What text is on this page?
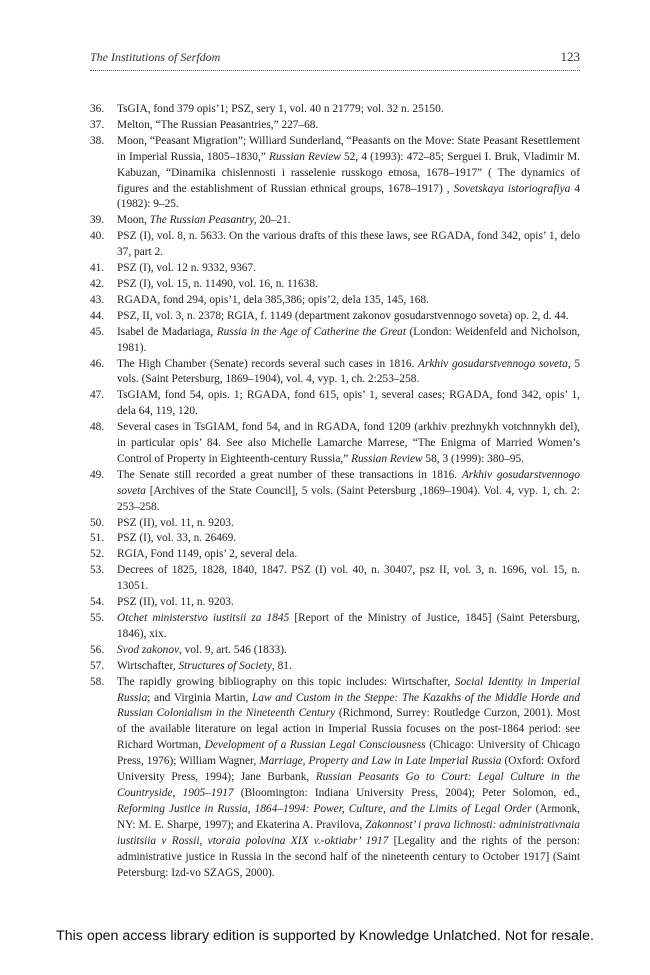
The Institutions of Serfdom	123
36.	TsGIA, fond 379 opis’1; PSZ, sery 1, vol. 40 n 21779; vol. 32 n. 25150.
37.	Melton, “The Russian Peasantries,” 227–68.
38.	Moon, “Peasant Migration”; Williard Sunderland, “Peasants on the Move: State Peasant Resettlement in Imperial Russia, 1805–1830,” Russian Review 52, 4 (1993): 472–85; Serguei I. Bruk, Vladimir M. Kabuzan, “Dinamika chislennosti i rasselenie russkogo etnosa, 1678–1917” ( The dynamics of figures and the establishment of Russian ethnical groups, 1678–1917) , Sovetskaya istoriografiya 4 (1982): 9–25.
39.	Moon, The Russian Peasantry, 20–21.
40.	PSZ (I), vol. 8, n. 5633. On the various drafts of this these laws, see RGADA, fond 342, opis’ 1, delo 37, part 2.
41.	PSZ (I), vol. 12 n. 9332, 9367.
42.	PSZ (I), vol. 15, n. 11490, vol. 16, n. 11638.
43.	RGADA, fond 294, opis’1, dela 385,386; opis’2, dela 135, 145, 168.
44.	PSZ, II, vol. 3, n. 2378; RGIA, f. 1149 (department zakonov gosudarstvennogo soveta) op. 2, d. 44.
45.	Isabel de Madariaga, Russia in the Age of Catherine the Great (London: Weidenfeld and Nicholson, 1981).
46.	The High Chamber (Senate) records several such cases in 1816. Arkhiv gosudarstvennogo soveta, 5 vols. (Saint Petersburg, 1869–1904), vol. 4, vyp. 1, ch. 2:253–258.
47.	TsGIAM, fond 54, opis. 1; RGADA, fond 615, opis’ 1, several cases; RGADA, fond 342, opis’ 1, dela 64, 119, 120.
48.	Several cases in TsGIAM, fond 54, and in RGADA, fond 1209 (arkhiv prezhnykh votchnnykh del), in particular opis’ 84. See also Michelle Lamarche Marrese, “The Enigma of Married Women’s Control of Property in Eighteenth-century Russia,” Russian Review 58, 3 (1999): 380–95.
49.	The Senate still recorded a great number of these transactions in 1816. Arkhiv gosudarstvennogo soveta [Archives of the State Council], 5 vols. (Saint Petersburg ,1869–1904). Vol. 4, vyp. 1, ch. 2: 253–258.
50.	PSZ (II), vol. 11, n. 9203.
51.	PSZ (I), vol. 33, n. 26469.
52.	RGIA, Fond 1149, opis’ 2, several dela.
53.	Decrees of 1825, 1828, 1840, 1847. PSZ (I) vol. 40, n. 30407, psz II, vol. 3, n. 1696, vol. 15, n. 13051.
54.	PSZ (II), vol. 11, n. 9203.
55.	Otchet ministerstvo iustitsii za 1845 [Report of the Ministry of Justice, 1845] (Saint Petersburg, 1846), xix.
56.	Svod zakonov, vol. 9, art. 546 (1833).
57.	Wirtschafter, Structures of Society, 81.
58.	The rapidly growing bibliography on this topic includes: Wirtschafter, Social Identity in Imperial Russia; and Virginia Martin, Law and Custom in the Steppe: The Kazakhs of the Middle Horde and Russian Colonialism in the Nineteenth Century (Richmond, Surrey: Routledge Curzon, 2001). Most of the available literature on legal action in Imperial Russia focuses on the post-1864 period: see Richard Wortman, Development of a Russian Legal Consciousness (Chicago: University of Chicago Press, 1976); William Wagner, Marriage, Property and Law in Late Imperial Russia (Oxford: Oxford University Press, 1994); Jane Burbank, Russian Peasants Go to Court: Legal Culture in the Countryside, 1905–1917 (Bloomington: Indiana University Press, 2004); Peter Solomon, ed., Reforming Justice in Russia, 1864–1994: Power, Culture, and the Limits of Legal Order (Armonk, NY: M. E. Sharpe, 1997); and Ekaterina A. Pravilova, Zakonnost’ i prava lichnosti: administrativnaia iustitsiia v Rossii, vtoraia polovina XIX v.-oktiabr’ 1917 [Legality and the rights of the person: administrative justice in Russia in the second half of the nineteenth century to October 1917] (Saint Petersburg: Izd-vo SZAGS, 2000).
This open access library edition is supported by Knowledge Unlatched. Not for resale.
